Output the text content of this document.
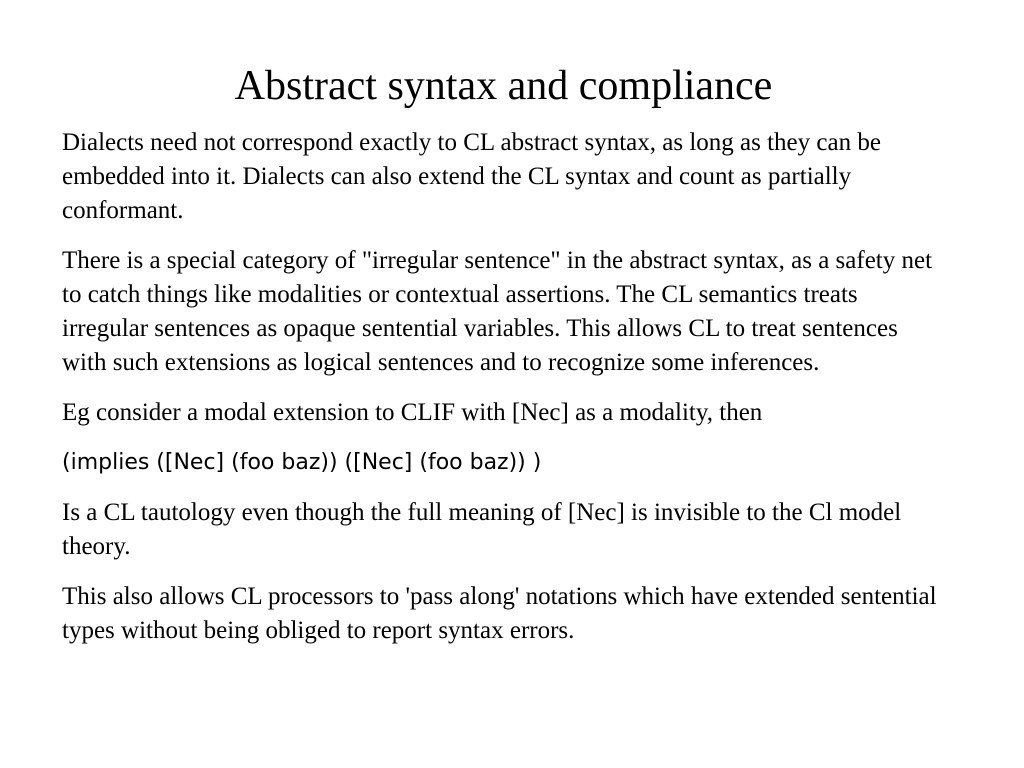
Abstract syntax and compliance

Dialects need not correspond exactly to CL abstract syntax, as long as they can be embedded into it. Dialects can also extend the CL syntax and count as partially conformant.

There is a special category of "irregular sentence" in the abstract syntax, as a safety net to catch things like modalities or contextual assertions. The CL semantics treats irregular sentences as opaque sentential variables. This allows CL to treat sentences with such extensions as logical sentences and to recognize some inferences.

Eg consider a modal extension to CLIF with [Nec] as a modality, then

(implies ([Nec] (foo baz)) ([Nec] (foo baz)) )

Is a CL tautology even though the full meaning of [Nec] is invisible to the Cl model theory.

This also allows CL processors to 'pass along' notations which have extended sentential types without being obliged to report syntax errors.
